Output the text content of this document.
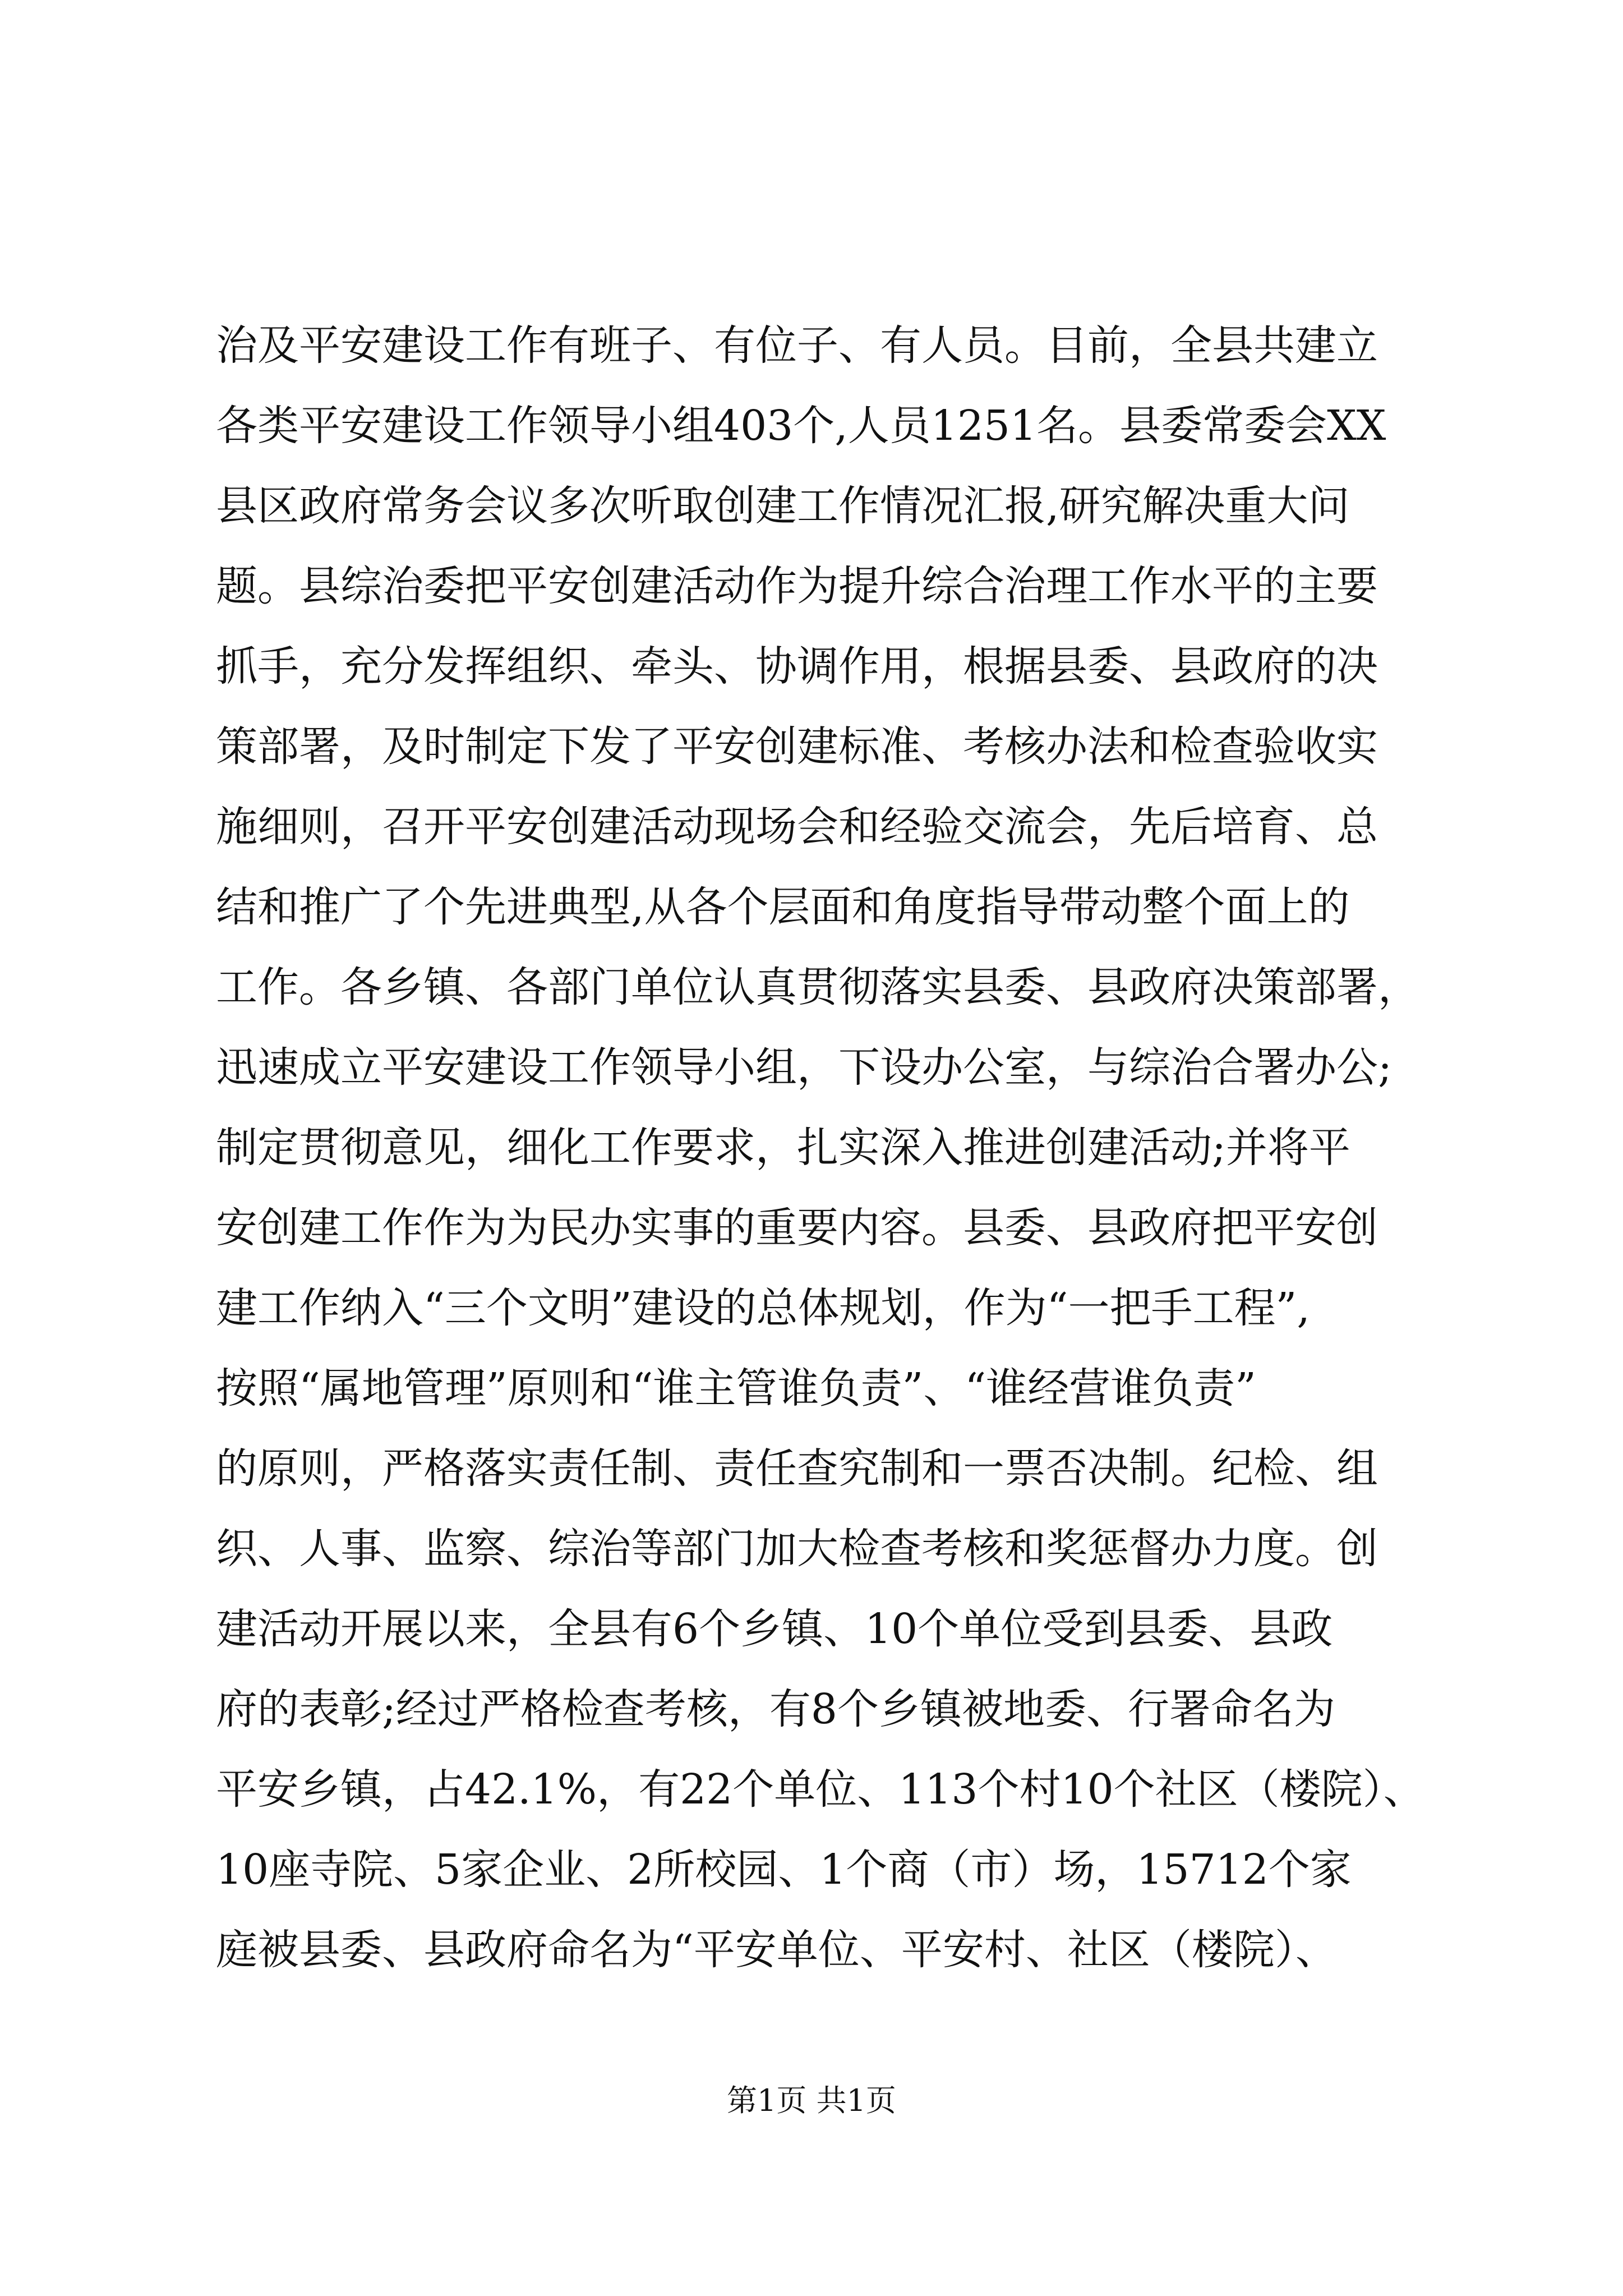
治及平安建设工作有班子、有位子、有人员。目前，全县共建立
各类平安建设工作领导小组403个,人员1251名。县委常委会XX
县区政府常务会议多次听取创建工作情况汇报,研究解决重大问
题。县综治委把平安创建活动作为提升综合治理工作水平的主要
抓手，充分发挥组织、牵头、协调作用，根据县委、县政府的决
策部署，及时制定下发了平安创建标准、考核办法和检查验收实
施细则，召开平安创建活动现场会和经验交流会，先后培育、总
结和推广了个先进典型,从各个层面和角度指导带动整个面上的
工作。各乡镇、各部门单位认真贯彻落实县委、县政府决策部署，
迅速成立平安建设工作领导小组，下设办公室，与综治合署办公;
制定贯彻意见，细化工作要求，扎实深入推进创建活动;并将平
安创建工作作为为民办实事的重要内容。县委、县政府把平安创
建工作纳入“三个文明”建设的总体规划，作为“一把手工程”,
按照“属地管理”原则和“谁主管谁负责”、“谁经营谁负责”
的原则，严格落实责任制、责任查究制和一票否决制。纪检、组
织、人事、监察、综治等部门加大检查考核和奖惩督办力度。创
建活动开展以来，全县有6个乡镇、10个单位受到县委、县政
府的表彰;经过严格检查考核，有8个乡镇被地委、行署命名为
平安乡镇，占42.1%，有22个单位、113个村10个社区（楼院）、
10座寺院、5家企业、2所校园、1个商（市）场，15712个家
庭被县委、县政府命名为“平安单位、平安村、社区（楼院）、
第1页 共1页
